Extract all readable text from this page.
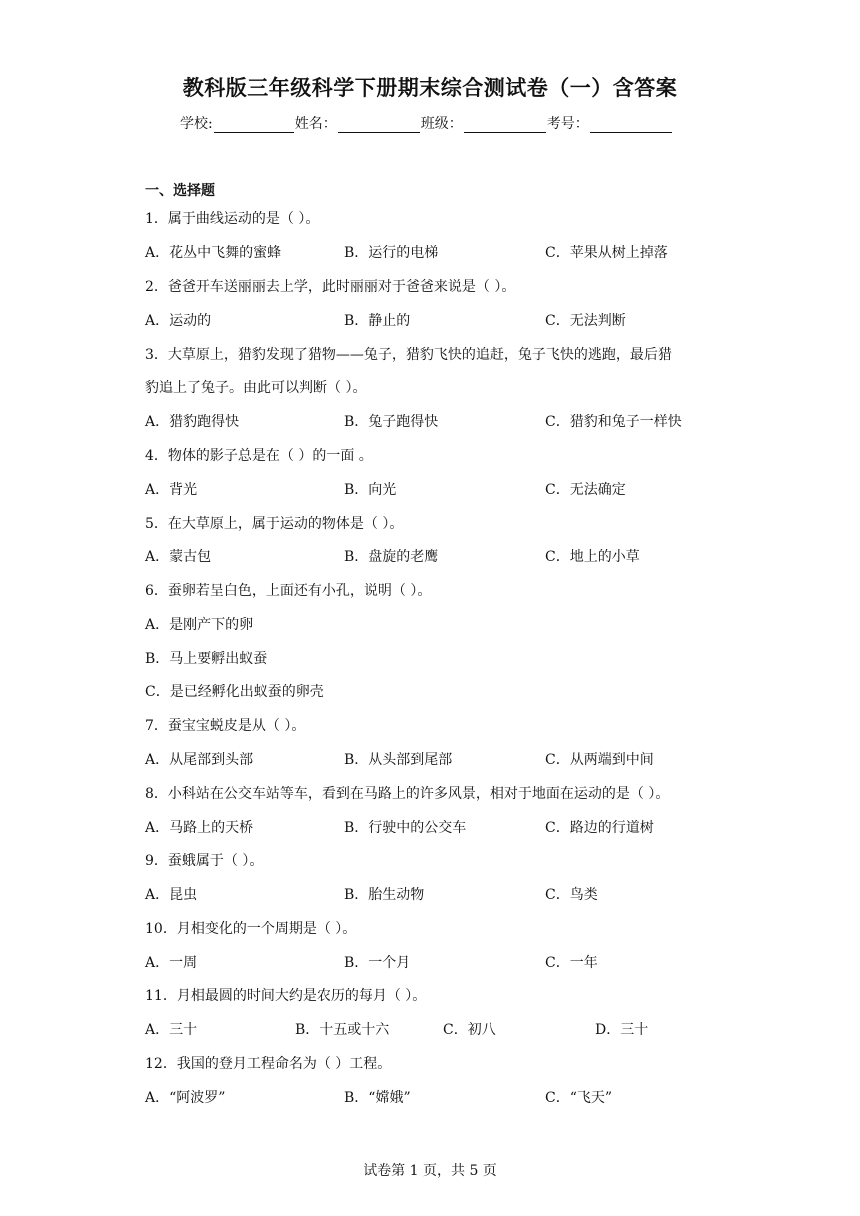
教科版三年级科学下册期末综合测试卷（一）含答案
学校:	姓名：	班级：	考号：
一、选择题
1．属于曲线运动的是（ ）。
A．花丛中飞舞的蜜蜂	B．运行的电梯	C．苹果从树上掉落
2．爸爸开车送丽丽去上学，此时丽丽对于爸爸来说是（ ）。
A．运动的	B．静止的	C．无法判断
3．大草原上，猎豹发现了猎物——兔子，猎豹飞快的追赶，兔子飞快的逃跑，最后猎
豹追上了兔子。由此可以判断（ ）。
A．猎豹跑得快	B．兔子跑得快	C．猎豹和兔子一样快
4．物体的影子总是在（ ）的一面 。
A．背光	B．向光	C．无法确定
5．在大草原上，属于运动的物体是（ ）。
A．蒙古包	B．盘旋的老鹰	C．地上的小草
6．蚕卵若呈白色，上面还有小孔，说明（ ）。
A．是刚产下的卵
B．马上要孵出蚁蚕
C．是已经孵化出蚁蚕的卵壳
7．蚕宝宝蜕皮是从（ ）。
A．从尾部到头部	B．从头部到尾部	C．从两端到中间
8．小科站在公交车站等车，看到在马路上的许多风景，相对于地面在运动的是（ ）。
A．马路上的天桥	B．行驶中的公交车	C．路边的行道树
9．蚕蛾属于（ ）。
A．昆虫	B．胎生动物	C．鸟类
10．月相变化的一个周期是（ ）。
A．一周	B．一个月	C．一年
11．月相最圆的时间大约是农历的每月（ ）。
A．三十	B．十五或十六	C．初八	D．三十
12．我国的登月工程命名为（ ）工程。
A．“阿波罗”	B．“嫦娥”	C．“飞天”
试卷第 1 页，共 5 页
